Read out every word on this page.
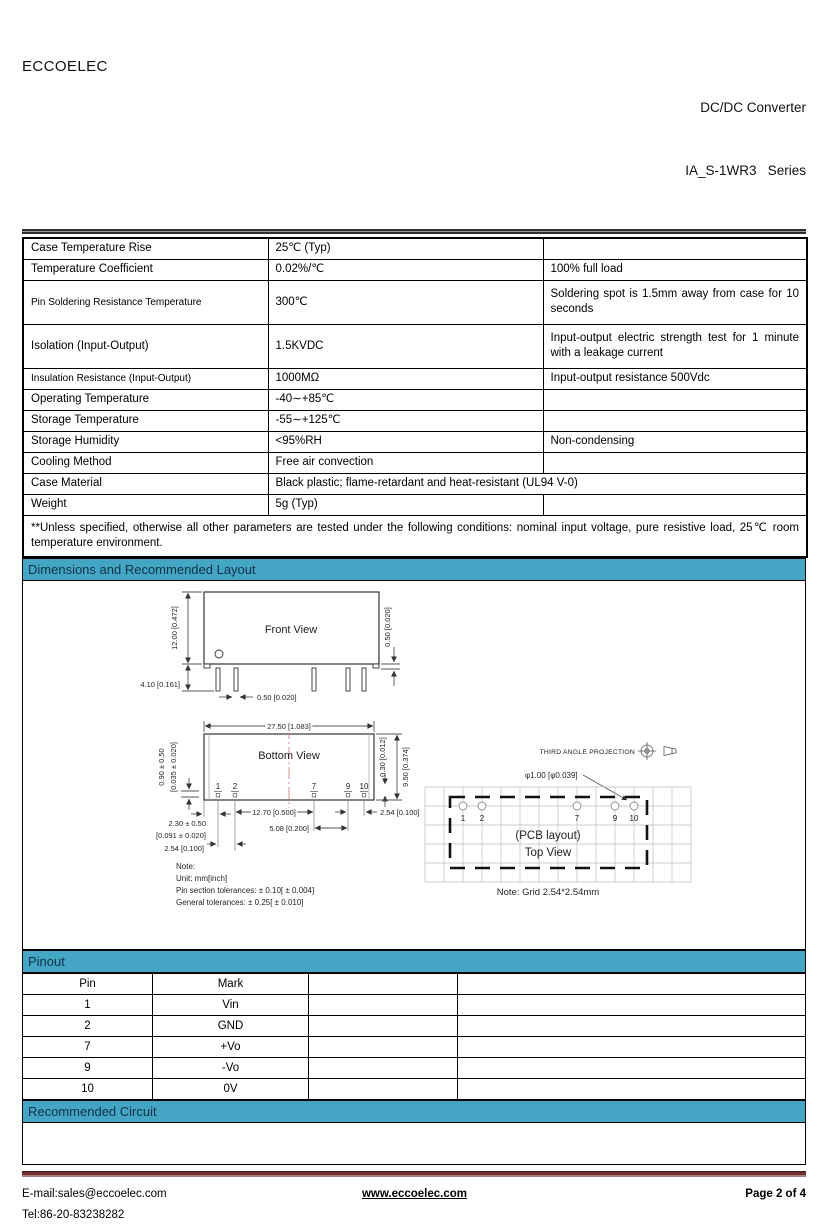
ECCOELEC

DC/DC Converter

IA_S-1WR3   Series

Case Temperature Rise	25℃ (Typ)	
Temperature Coefficient	0.02%/℃	100% full load
Pin Soldering Resistance Temperature	300℃	Soldering spot is 1.5mm away from case for 10 seconds
Isolation (Input-Output)	1.5KVDC	Input-output electric strength test for 1 minute with a leakage current
Insulation Resistance (Input-Output)	1000MΩ	Input-output resistance 500Vdc
Operating Temperature	-40∼+85℃	
Storage Temperature	-55∼+125℃	
Storage Humidity	<95%RH	Non-condensing
Cooling Method	Free air convection	
Case Material	Black plastic; flame-retardant and heat-resistant (UL94 V-0)	
Weight	5g (Typ)	
**Unless specified, otherwise all other parameters are tested under the following conditions: nominal input voltage, pure resistive load, 25℃ room temperature environment.		
Dimensions and Recommended Layout
Front View
12.00 [0.472]
4.10 [0.161]
0.50 [0.020]
0.50 [0.020]
Bottom View
27.50 [1.083]
0.90 ± 0.50 [0.035 ± 0.020]	0.30 [0.012] 9.50 [0.374]
1 2	7	9 10
2.30 ± 0.50
[0.091 ± 0.020]
2.54 [0.100]
12.70 [0.500]
5.08 [0.200]
2.54 [0.100]
Note:
Unit: mm[inch]
Pin section tolerances: ± 0.10[ ± 0.004]
General tolerances: ± 0.25[ ± 0.010]
THIRD ANGLE PROJECTION
φ1.00 [φ0.039]
1 2	7	9 10
(PCB layout)
Top View
Note: Grid 2.54*2.54mm
Pinout
Pin	Mark		
1	Vin		
2	GND		
7	+Vo		
9	-Vo		
10	0V		
Recommended Circuit
E-mail:sales@eccoelec.com
Tel:86-20-83238282
www.eccoelec.com	Page 2 of 4
